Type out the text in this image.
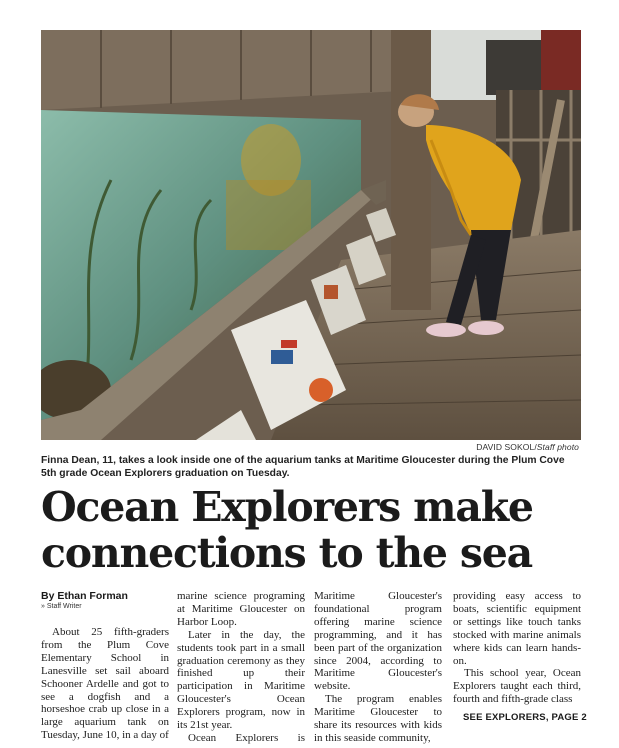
DAVID SOKOL/Staff photo
Finna Dean, 11, takes a look inside one of the aquarium tanks at Maritime Gloucester during the Plum Cove 5th grade Ocean Explorers graduation on Tuesday.
Ocean Explorers make
connections to the sea
By Ethan Forman
» Staff Writer

About 25 fifth-graders from the Plum Cove Elementary School in Lanesville set sail aboard Schooner Ardelle and got to see a dogfish and a horseshoe crab up close in a large aquarium tank on Tuesday, June 10, in a day of

marine science programing at Maritime Gloucester on Harbor Loop.

Later in the day, the students took part in a small graduation ceremony as they finished up their participation in Maritime Gloucester's Ocean Explorers program, now in its 21st year.

Ocean Explorers is

Maritime Gloucester's foundational program offering marine science programming, and it has been part of the organization since 2004, according to Maritime Gloucester's website.

The program enables Maritime Gloucester to share its resources with kids in this seaside community,

providing easy access to boats, scientific equipment or settings like touch tanks stocked with marine animals where kids can learn hands-on.

This school year, Ocean Explorers taught each third, fourth and fifth-grade class

SEE EXPLORERS, PAGE 2
